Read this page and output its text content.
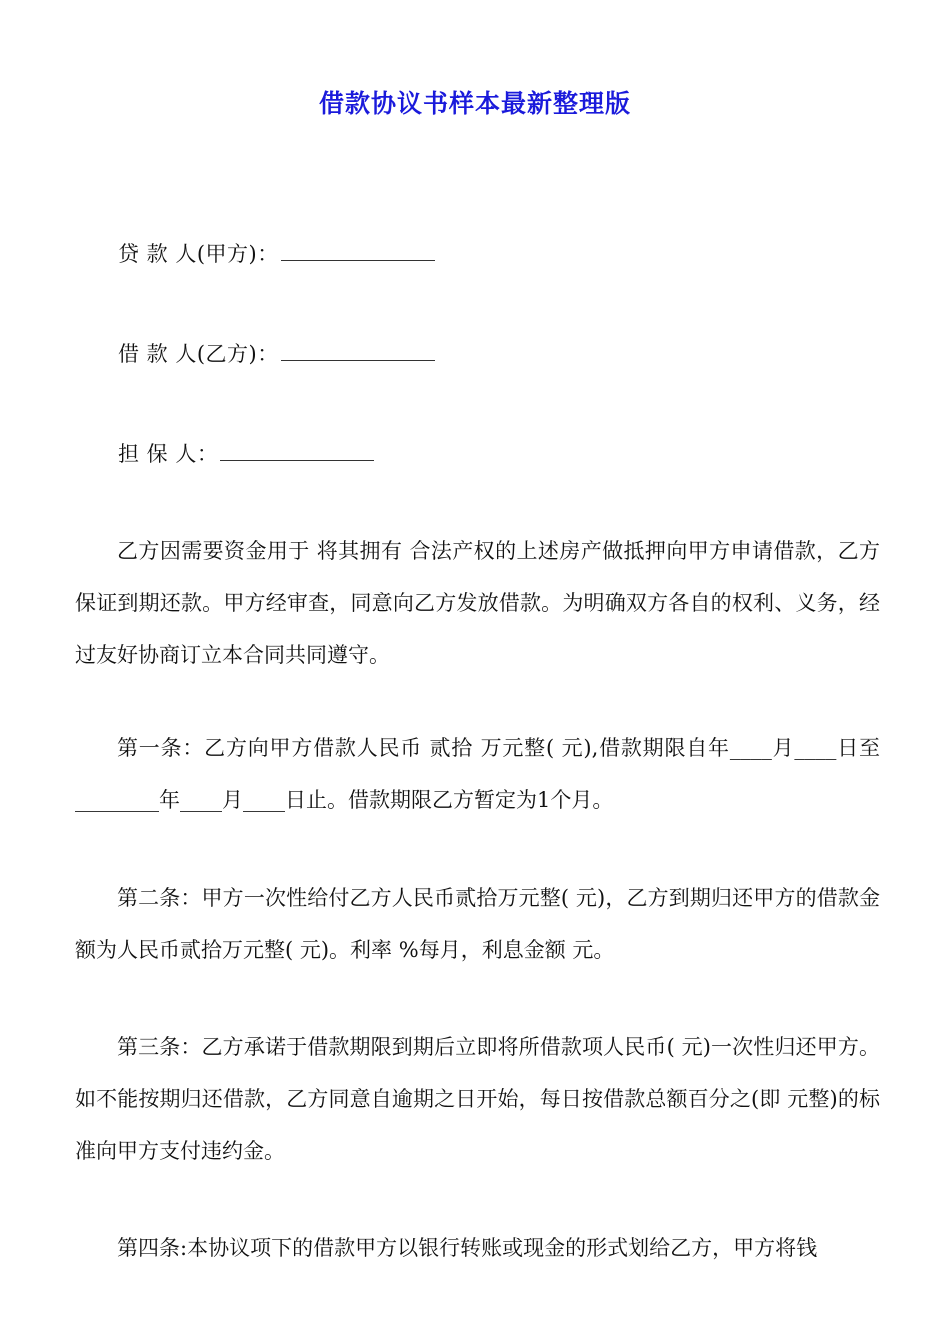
借款协议书样本最新整理版
贷 款 人(甲方)：
借 款 人(乙方)：
担 保 人：
乙方因需要资金用于 将其拥有 合法产权的上述房产做抵押向甲方申请借款，乙方保证到期还款。甲方经审查，同意向乙方发放借款。为明确双方各自的权利、义务，经过友好协商订立本合同共同遵守。
第一条：乙方向甲方借款人民币 贰拾 万元整( 元),借款期限自年____月____日至________年____月____日止。借款期限乙方暂定为1个月。
第二条：甲方一次性给付乙方人民币贰拾万元整( 元)，乙方到期归还甲方的借款金额为人民币贰拾万元整( 元)。利率 %每月，利息金额 元。
第三条：乙方承诺于借款期限到期后立即将所借款项人民币( 元)一次性归还甲方。如不能按期归还借款，乙方同意自逾期之日开始，每日按借款总额百分之(即 元整)的标准向甲方支付违约金。
第四条:本协议项下的借款甲方以银行转账或现金的形式划给乙方，甲方将钱
